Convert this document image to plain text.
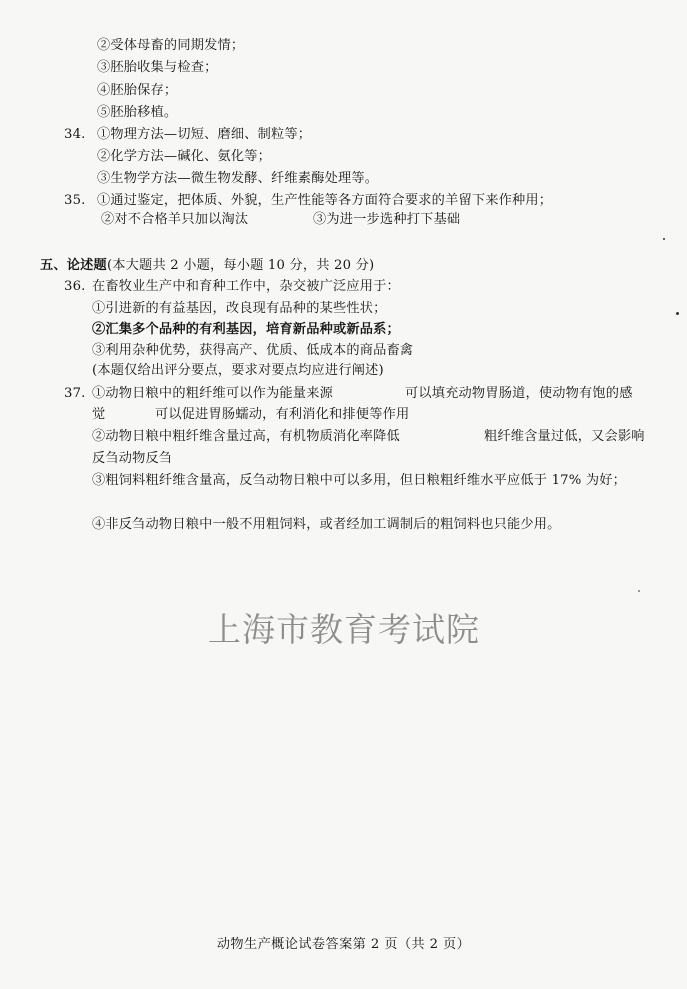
②受体母畜的同期发情；
③胚胎收集与检查；
④胚胎保存；
⑤胚胎移植。
34. ①物理方法—切短、磨细、制粒等；
②化学方法—碱化、氨化等；
③生物学方法—微生物发酵、纤维素酶处理等。
35. ①通过鉴定，把体质、外貌，生产性能等各方面符合要求的羊留下来作种用；
②对不合格羊只加以淘汰	③为进一步选种打下基础
五、论述题(本大题共 2 小题，每小题 10 分，共 20 分)
36. 在畜牧业生产中和育种工作中，杂交被广泛应用于：
①引进新的有益基因，改良现有品种的某些性状；
②汇集多个品种的有利基因，培育新品种或新品系；
③利用杂种优势，获得高产、优质、低成本的商品畜禽
(本题仅给出评分要点，要求对要点均应进行阐述)
37. ①动物日粮中的粗纤维可以作为能量来源	可以填充动物胃肠道，使动物有饱的感
觉	可以促进胃肠蠕动，有利消化和排便等作用
②动物日粮中粗纤维含量过高，有机物质消化率降低	粗纤维含量过低，又会影响
反刍动物反刍
③粗饲料粗纤维含量高，反刍动物日粮中可以多用，但日粮粗纤维水平应低于 17% 为好；
④非反刍动物日粮中一般不用粗饲料，或者经加工调制后的粗饲料也只能少用。
上海市教育考试院
动物生产概论试卷答案第 2 页（共 2 页）
